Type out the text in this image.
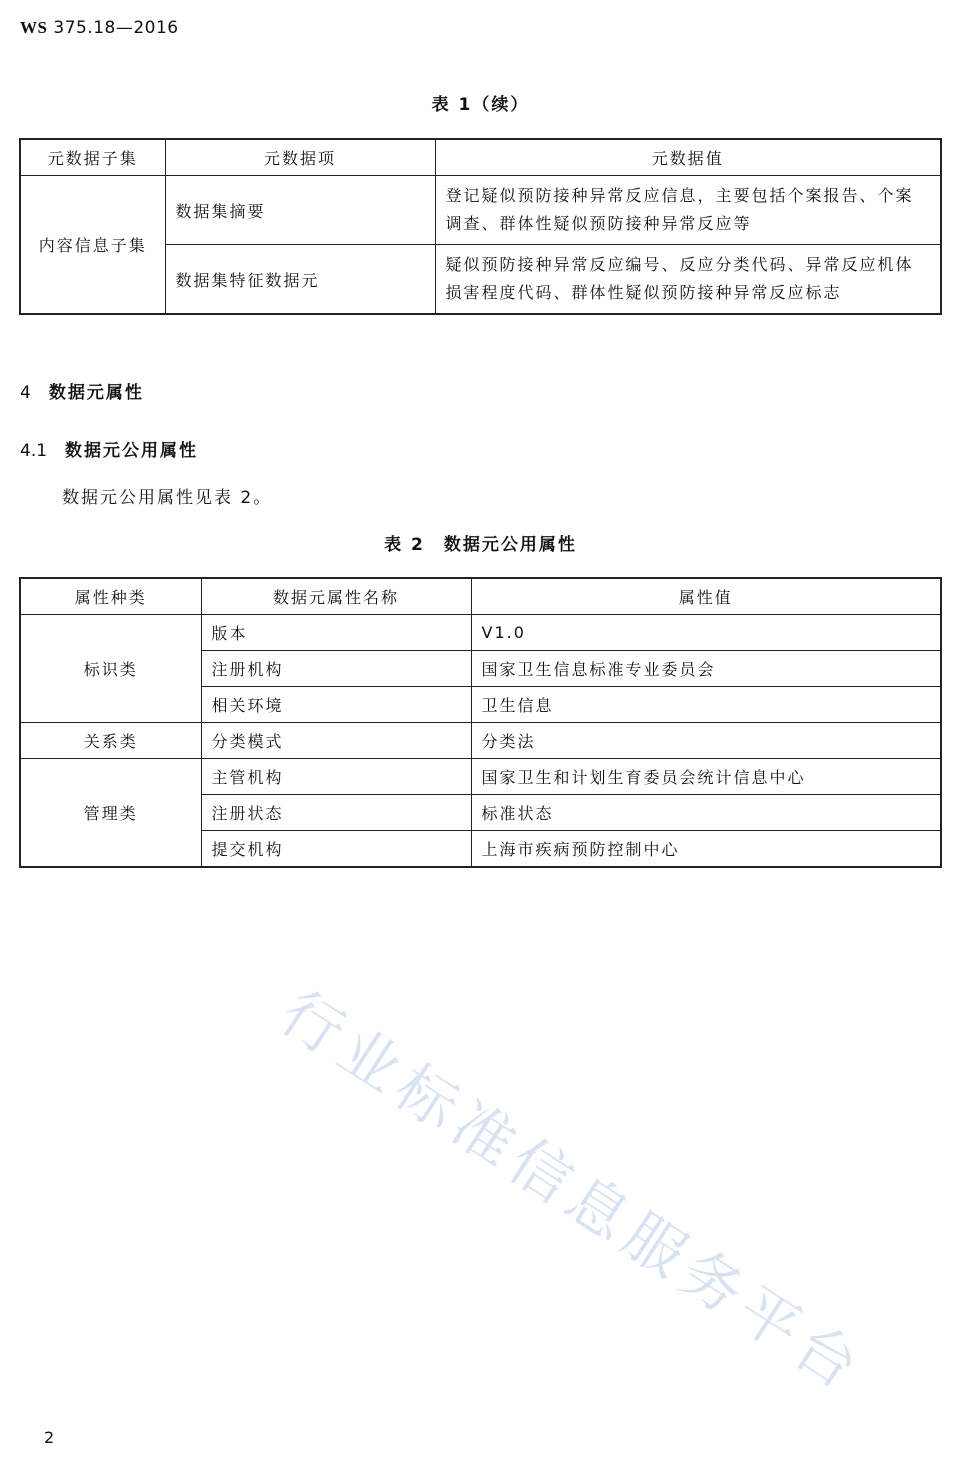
WS 375.18—2016
表 1（续）
元数据子集	元数据项	元数据值
内容信息子集	数据集摘要	登记疑似预防接种异常反应信息，主要包括个案报告、个案调查、群体性疑似预防接种异常反应等
	数据集特征数据元	疑似预防接种异常反应编号、反应分类代码、异常反应机体损害程度代码、群体性疑似预防接种异常反应标志
4 数据元属性
4.1 数据元公用属性
数据元公用属性见表 2。
表 2　数据元公用属性
属性种类	数据元属性名称	属性值
标识类	版本	V1.0
	注册机构	国家卫生信息标准专业委员会
	相关环境	卫生信息
关系类	分类模式	分类法
管理类	主管机构	国家卫生和计划生育委员会统计信息中心
	注册状态	标准状态
	提交机构	上海市疾病预防控制中心
行业标准信息服务平台
2
